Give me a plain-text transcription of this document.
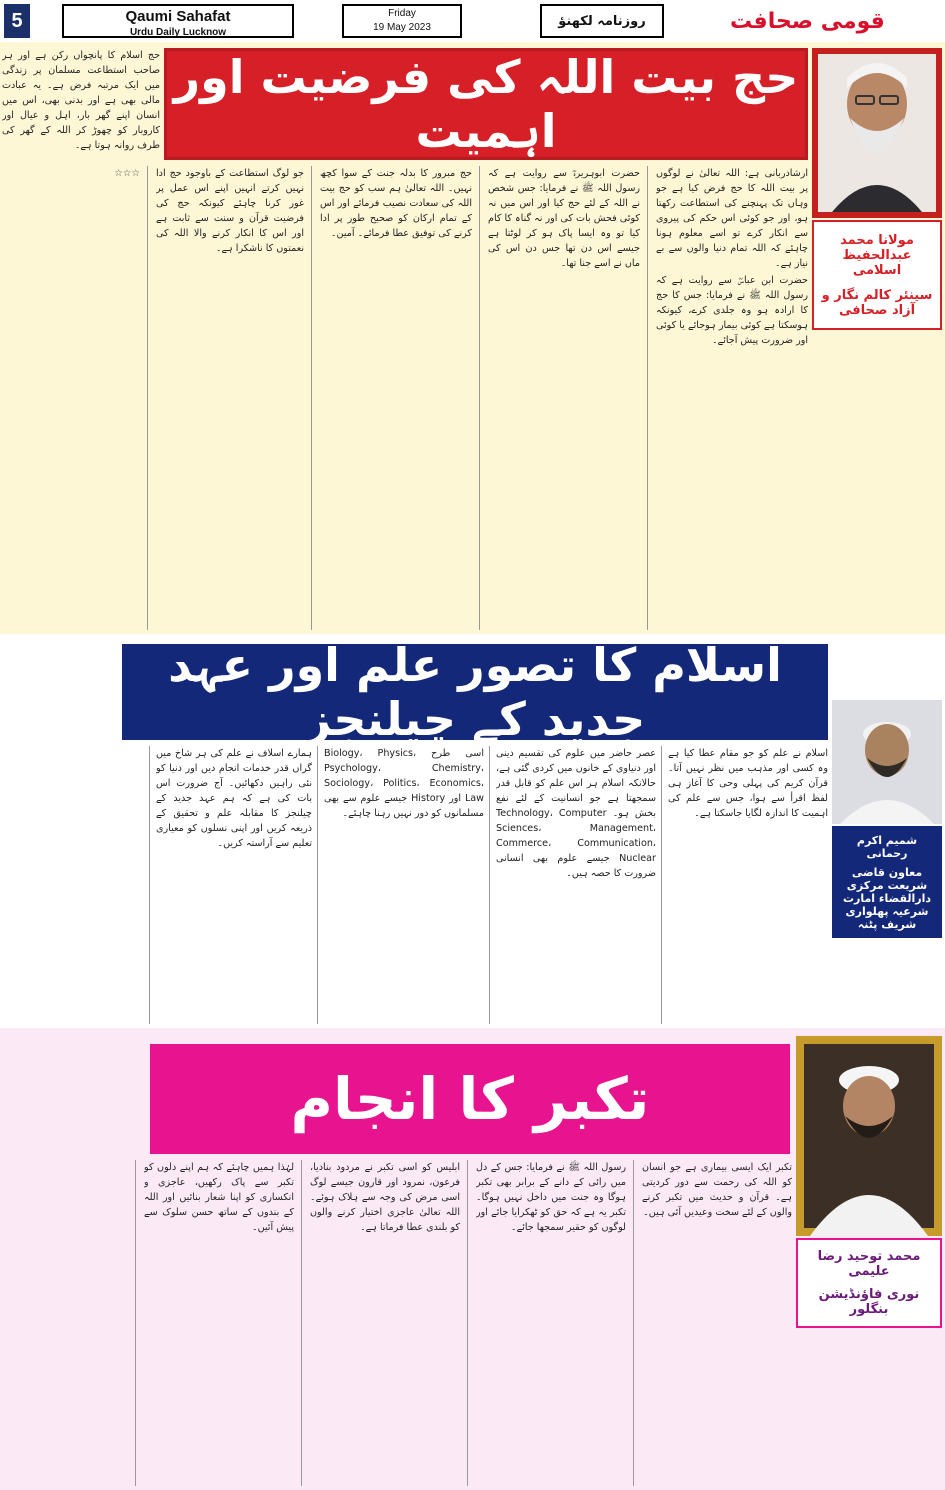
5	Qaumi Sahafat
Urdu Daily Lucknow
Friday
19 May 2023	روزنامہ لکھنؤ	قومی صحافت

حج اسلام کا پانچواں رکن ہے اور ہر صاحب استطاعت مسلمان پر زندگی میں ایک مرتبہ فرض ہے۔ یہ عبادت مالی بھی ہے اور بدنی بھی، اس میں انسان اپنے گھر بار، اہل و عیال اور کاروبار کو چھوڑ کر اللہ کے گھر کی طرف روانہ ہوتا ہے۔

حج بیت اللہ کی فرضیت اور اہمیت
مولانا محمد عبدالحفیظ اسلامی
سینئر کالم نگار و آزاد صحافی

ارشادربانی ہے: اللہ تعالیٰ نے لوگوں پر بیت اللہ کا حج فرض کیا ہے جو وہاں تک پہنچنے کی استطاعت رکھتا ہو، اور جو کوئی اس حکم کی پیروی سے انکار کرے تو اسے معلوم ہونا چاہئے کہ اللہ تمام دنیا والوں سے بے نیاز ہے۔

حضرت ابن عباسؓ سے روایت ہے کہ رسول اللہ ﷺ نے فرمایا: جس کا حج کا ارادہ ہو وہ جلدی کرے، کیونکہ ہوسکتا ہے کوئی بیمار ہوجائے یا کوئی اور ضرورت پیش آجائے۔

حضرت ابوہریرہؓ سے روایت ہے کہ رسول اللہ ﷺ نے فرمایا: جس شخص نے اللہ کے لئے حج کیا اور اس میں نہ کوئی فحش بات کی اور نہ گناہ کا کام کیا تو وہ ایسا پاک ہو کر لوٹتا ہے جیسے اس دن تھا جس دن اس کی ماں نے اسے جنا تھا۔

حج مبرور کا بدلہ جنت کے سوا کچھ نہیں۔ اللہ تعالیٰ ہم سب کو حج بیت اللہ کی سعادت نصیب فرمائے اور اس کے تمام ارکان کو صحیح طور پر ادا کرنے کی توفیق عطا فرمائے۔ آمین۔

جو لوگ استطاعت کے باوجود حج ادا نہیں کرتے انہیں اپنے اس عمل پر غور کرنا چاہئے کیونکہ حج کی فرضیت قرآن و سنت سے ثابت ہے اور اس کا انکار کرنے والا اللہ کی نعمتوں کا ناشکرا ہے۔

☆☆☆

اسلام کا تصور علم اور عہد جدید کے چیلنجز
شمیم اکرم رحمانی
معاون قاضی شریعت مرکزی دارالقضاء امارت شرعیہ پھلواری شریف پٹنہ

اسلام نے علم کو جو مقام عطا کیا ہے وہ کسی اور مذہب میں نظر نہیں آتا۔ قرآن کریم کی پہلی وحی کا آغاز ہی لفظ اقرأ سے ہوا، جس سے علم کی اہمیت کا اندازہ لگایا جاسکتا ہے۔

عصر حاضر میں علوم کی تقسیم دینی اور دنیاوی کے خانوں میں کردی گئی ہے، حالانکہ اسلام ہر اس علم کو قابل قدر سمجھتا ہے جو انسانیت کے لئے نفع بخش ہو۔ Technology، Computer Sciences، Management، Commerce، Communication، Nuclear جیسے علوم بھی انسانی ضرورت کا حصہ ہیں۔

اسی طرح Biology، Physics، Psychology، Chemistry، Sociology، Politics، Economics، Law اور History جیسے علوم سے بھی مسلمانوں کو دور نہیں رہنا چاہئے۔

ہمارے اسلاف نے علم کی ہر شاخ میں گراں قدر خدمات انجام دیں اور دنیا کو نئی راہیں دکھائیں۔ آج ضرورت اس بات کی ہے کہ ہم عہد جدید کے چیلنجز کا مقابلہ علم و تحقیق کے ذریعہ کریں اور اپنی نسلوں کو معیاری تعلیم سے آراستہ کریں۔

تکبر کا انجام
محمد توحید رضا علیمی
نوری فاؤنڈیشن بنگلور

تکبر ایک ایسی بیماری ہے جو انسان کو اللہ کی رحمت سے دور کردیتی ہے۔ قرآن و حدیث میں تکبر کرنے والوں کے لئے سخت وعیدیں آئی ہیں۔

رسول اللہ ﷺ نے فرمایا: جس کے دل میں رائی کے دانے کے برابر بھی تکبر ہوگا وہ جنت میں داخل نہیں ہوگا۔ تکبر یہ ہے کہ حق کو ٹھکرایا جائے اور لوگوں کو حقیر سمجھا جائے۔

ابلیس کو اسی تکبر نے مردود بنادیا، فرعون، نمرود اور قارون جیسے لوگ اسی مرض کی وجہ سے ہلاک ہوئے۔ اللہ تعالیٰ عاجزی اختیار کرنے والوں کو بلندی عطا فرماتا ہے۔

لہٰذا ہمیں چاہئے کہ ہم اپنے دلوں کو تکبر سے پاک رکھیں، عاجزی و انکساری کو اپنا شعار بنائیں اور اللہ کے بندوں کے ساتھ حسن سلوک سے پیش آئیں۔
